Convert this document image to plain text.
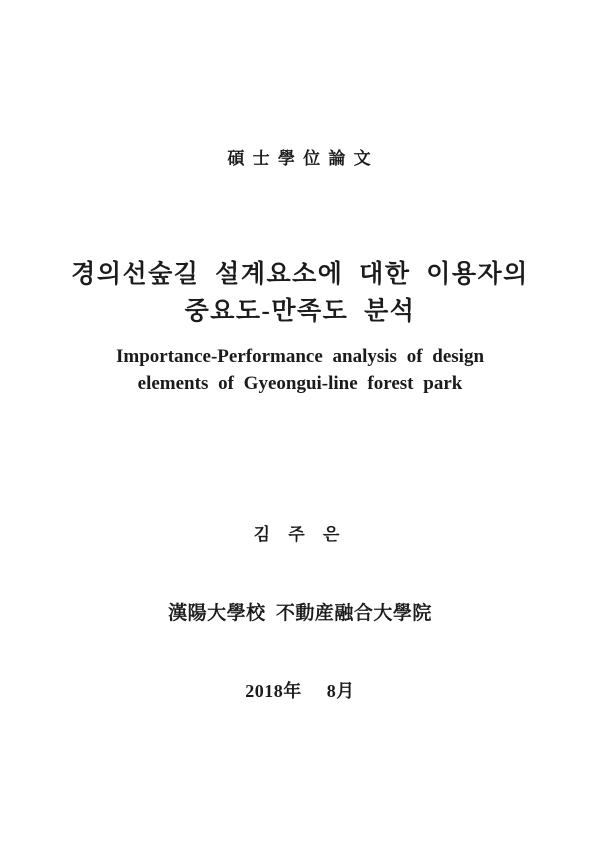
碩 士 學 位 論 文
경의선숲길 설계요소에 대한 이용자의
중요도-만족도 분석
Importance-Performance analysis of design
elements of Gyeongui-line forest park
김 주 은
漢陽大學校 不動産融合大學院
2018年     8月
